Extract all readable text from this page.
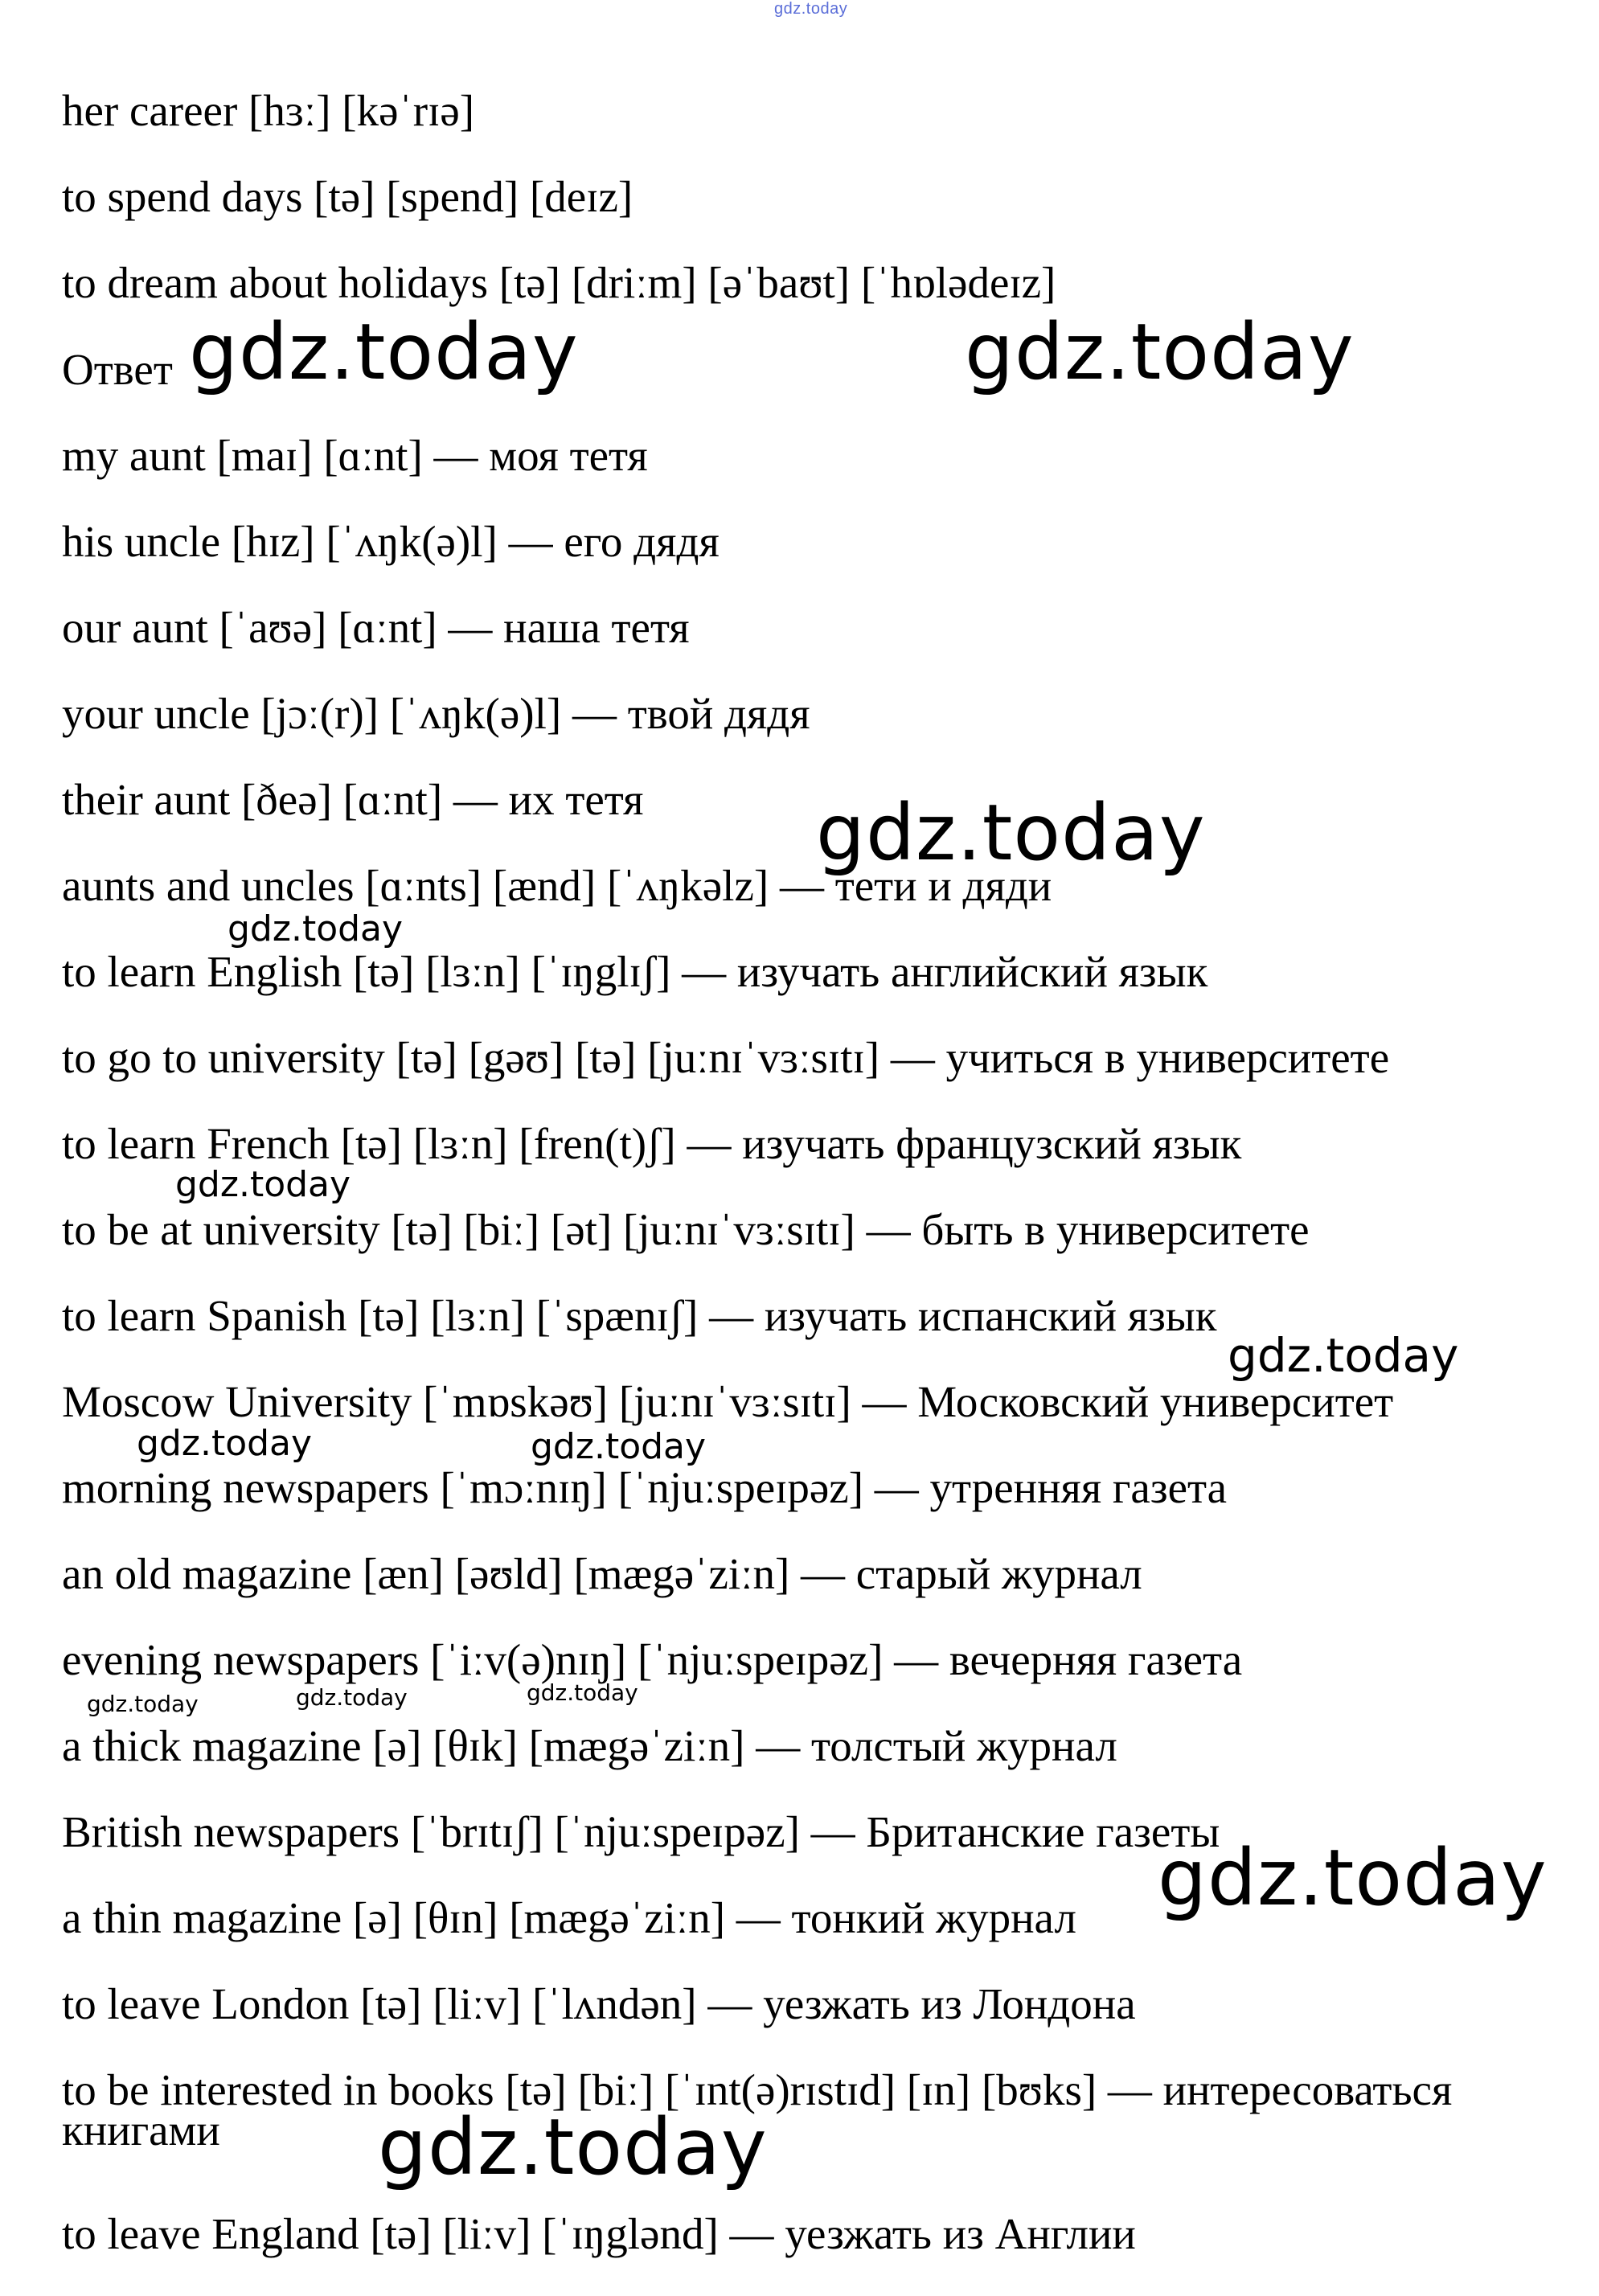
gdz.today
her career [hɜː] [kəˈrɪə]
to spend days [tə] [spend] [deɪz]
to dream about holidays [tə] [driːm] [əˈbaʊt] [ˈhɒlədeɪz]
Ответ
my aunt [maɪ] [ɑːnt] — моя тетя
his uncle [hɪz] [ˈʌŋk(ə)l] — его дядя
our aunt [ˈaʊə] [ɑːnt] — наша тетя
your uncle [jɔː(r)] [ˈʌŋk(ə)l] — твой дядя
their aunt [ðeə] [ɑːnt] — их тетя
aunts and uncles [ɑːnts] [ænd] [ˈʌŋkəlz] — тети и дяди
to learn English [tə] [lɜːn] [ˈɪŋglɪʃ] — изучать английский язык
to go to university [tə] [gəʊ] [tə] [juːnɪˈvɜːsɪtɪ] — учиться в университете
to learn French [tə] [lɜːn] [fren(t)ʃ] — изучать французский язык
to be at university [tə] [biː] [ət] [juːnɪˈvɜːsɪtɪ] — быть в университете
to learn Spanish [tə] [lɜːn] [ˈspænɪʃ] — изучать испанский язык
Moscow University [ˈmɒskəʊ] [juːnɪˈvɜːsɪtɪ] — Московский университет
morning newspapers [ˈmɔːnɪŋ] [ˈnjuːspeɪpəz] — утренняя газета
an old magazine [æn] [əʊld] [mægəˈziːn] — старый журнал
evening newspapers [ˈiːv(ə)nɪŋ] [ˈnjuːspeɪpəz] — вечерняя газета
a thick magazine [ə] [θɪk] [mægəˈziːn] — толстый журнал
British newspapers [ˈbrɪtɪʃ] [ˈnjuːspeɪpəz] — Британские газеты
a thin magazine [ə] [θɪn] [mægəˈziːn] — тонкий журнал
to leave London [tə] [liːv] [ˈlʌndən] — уезжать из Лондона
to be interested in books [tə] [biː] [ˈɪnt(ə)rɪstɪd] [ɪn] [bʊks] — интересоваться книгами
to leave England [tə] [liːv] [ˈɪŋglənd] — уезжать из Англии
gdz.today	gdz.today
gdz.today
gdz.today
gdz.today
gdz.today
gdz.today	gdz.today
gdz.today	gdz.today	gdz.today
gdz.today
gdz.today
